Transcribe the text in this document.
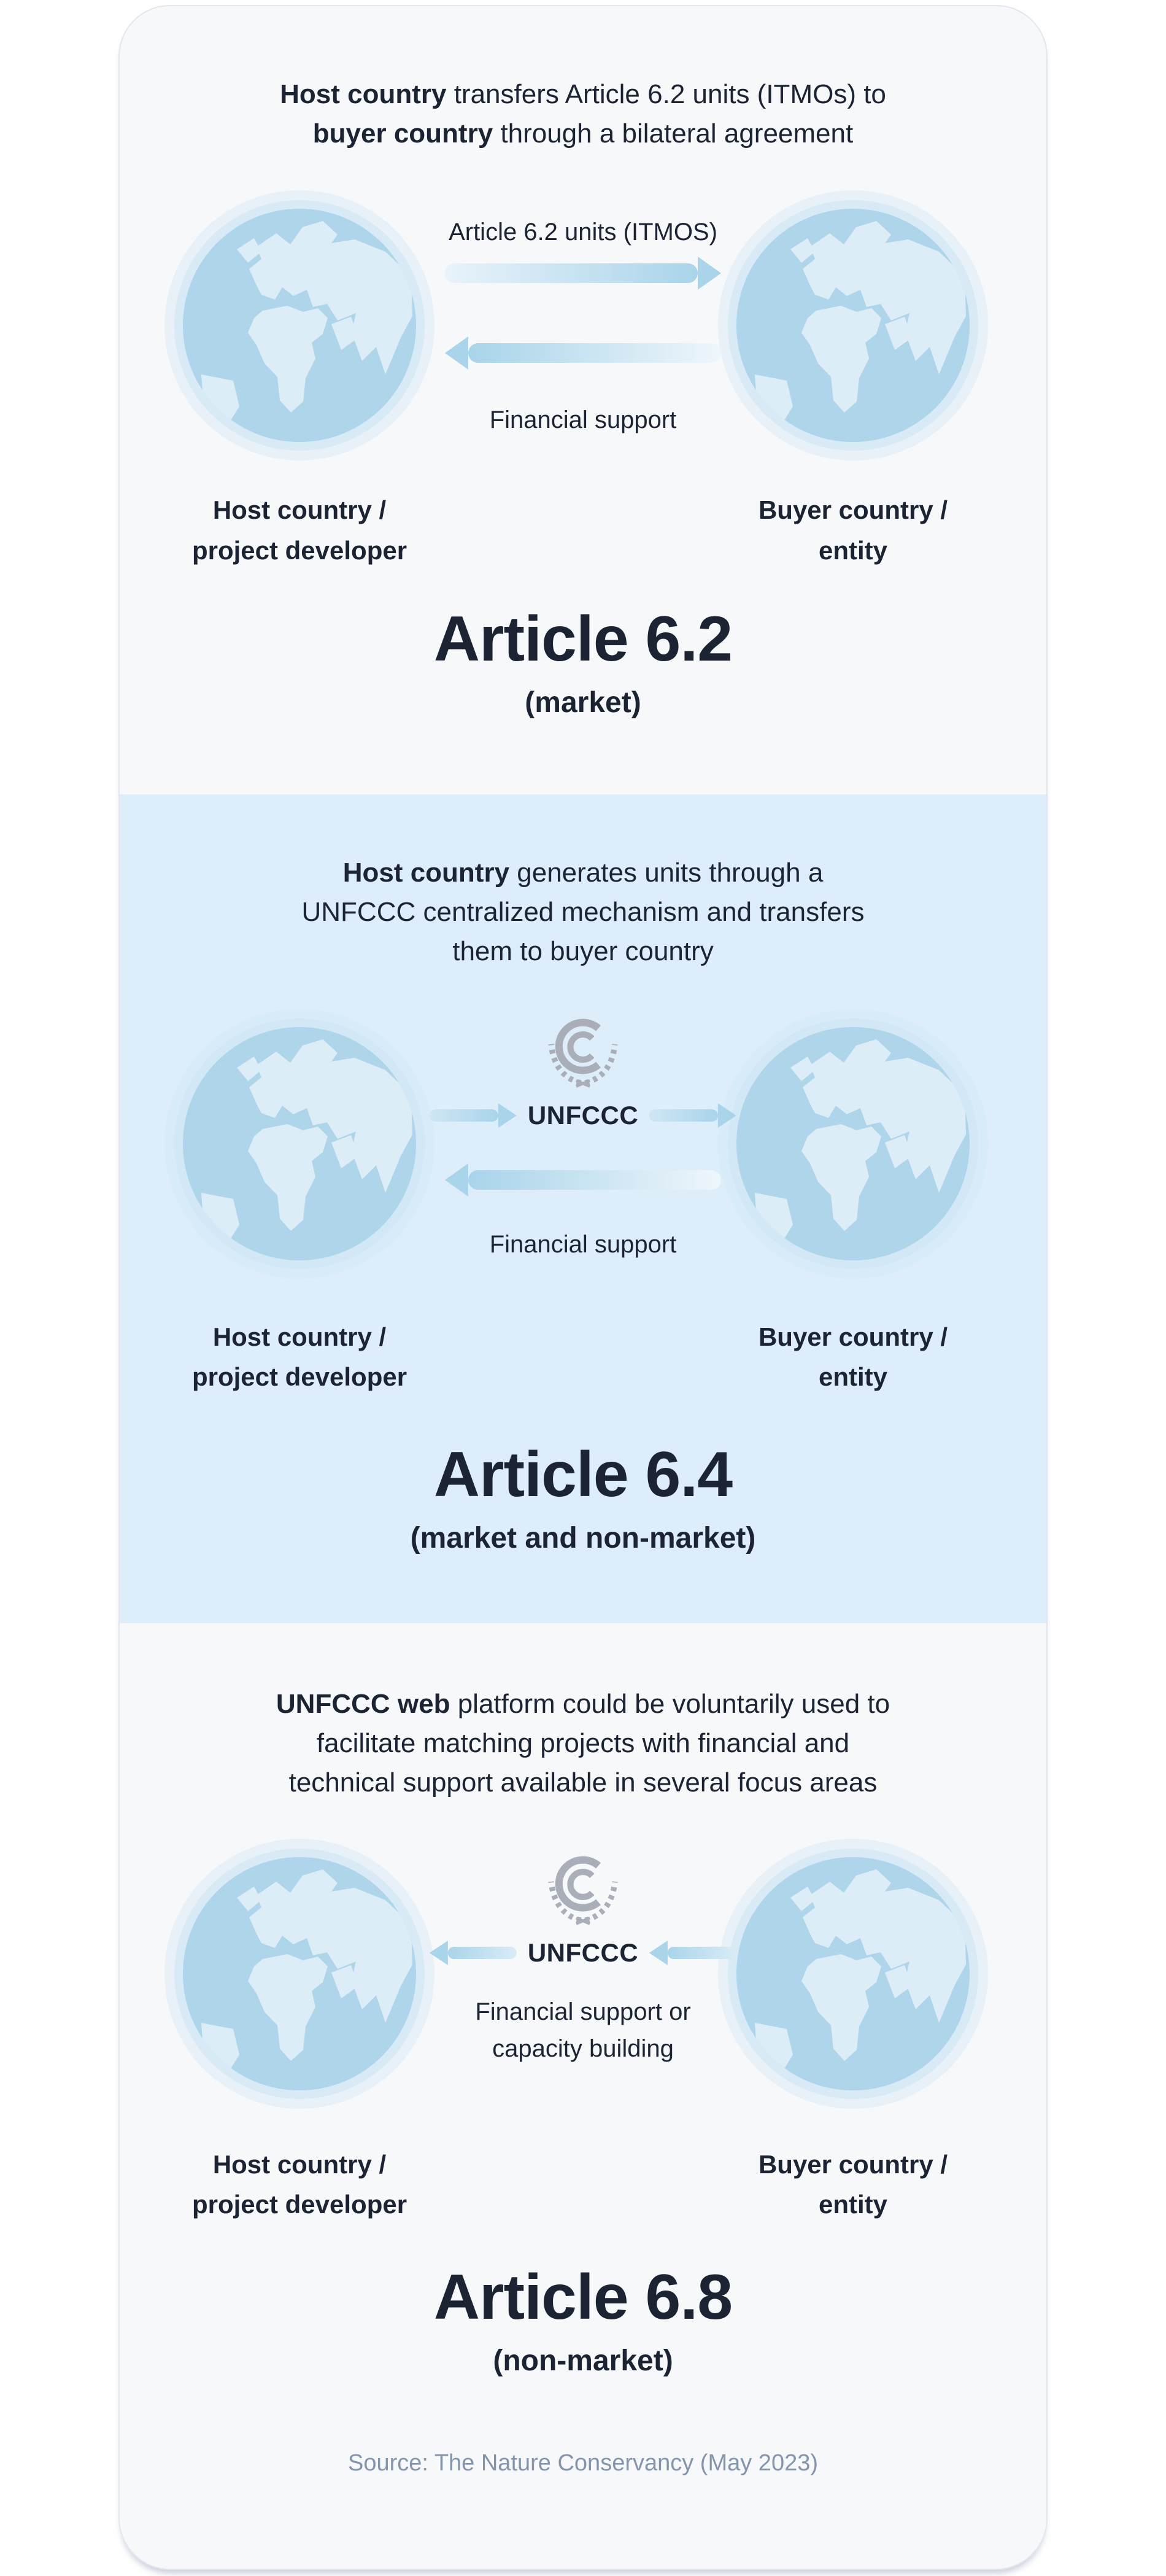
Host country transfers Article 6.2 units (ITMOs) to buyer country through a bilateral agreement

Article 6.2 units (ITMOS)
Financial support
Host country /
project developer
Buyer country /
entity
Article 6.2
(market)

Host country generates units through a UNFCCC centralized mechanism and transfers them to buyer country

UNFCCC
Financial support
Host country /
project developer
Buyer country /
entity
Article 6.4
(market and non-market)

UNFCCC web platform could be voluntarily used to facilitate matching projects with financial and technical support available in several focus areas

UNFCCC
Financial support or
capacity building
Host country /
project developer
Buyer country /
entity
Article 6.8
(non-market)
Source: The Nature Conservancy (May 2023)
